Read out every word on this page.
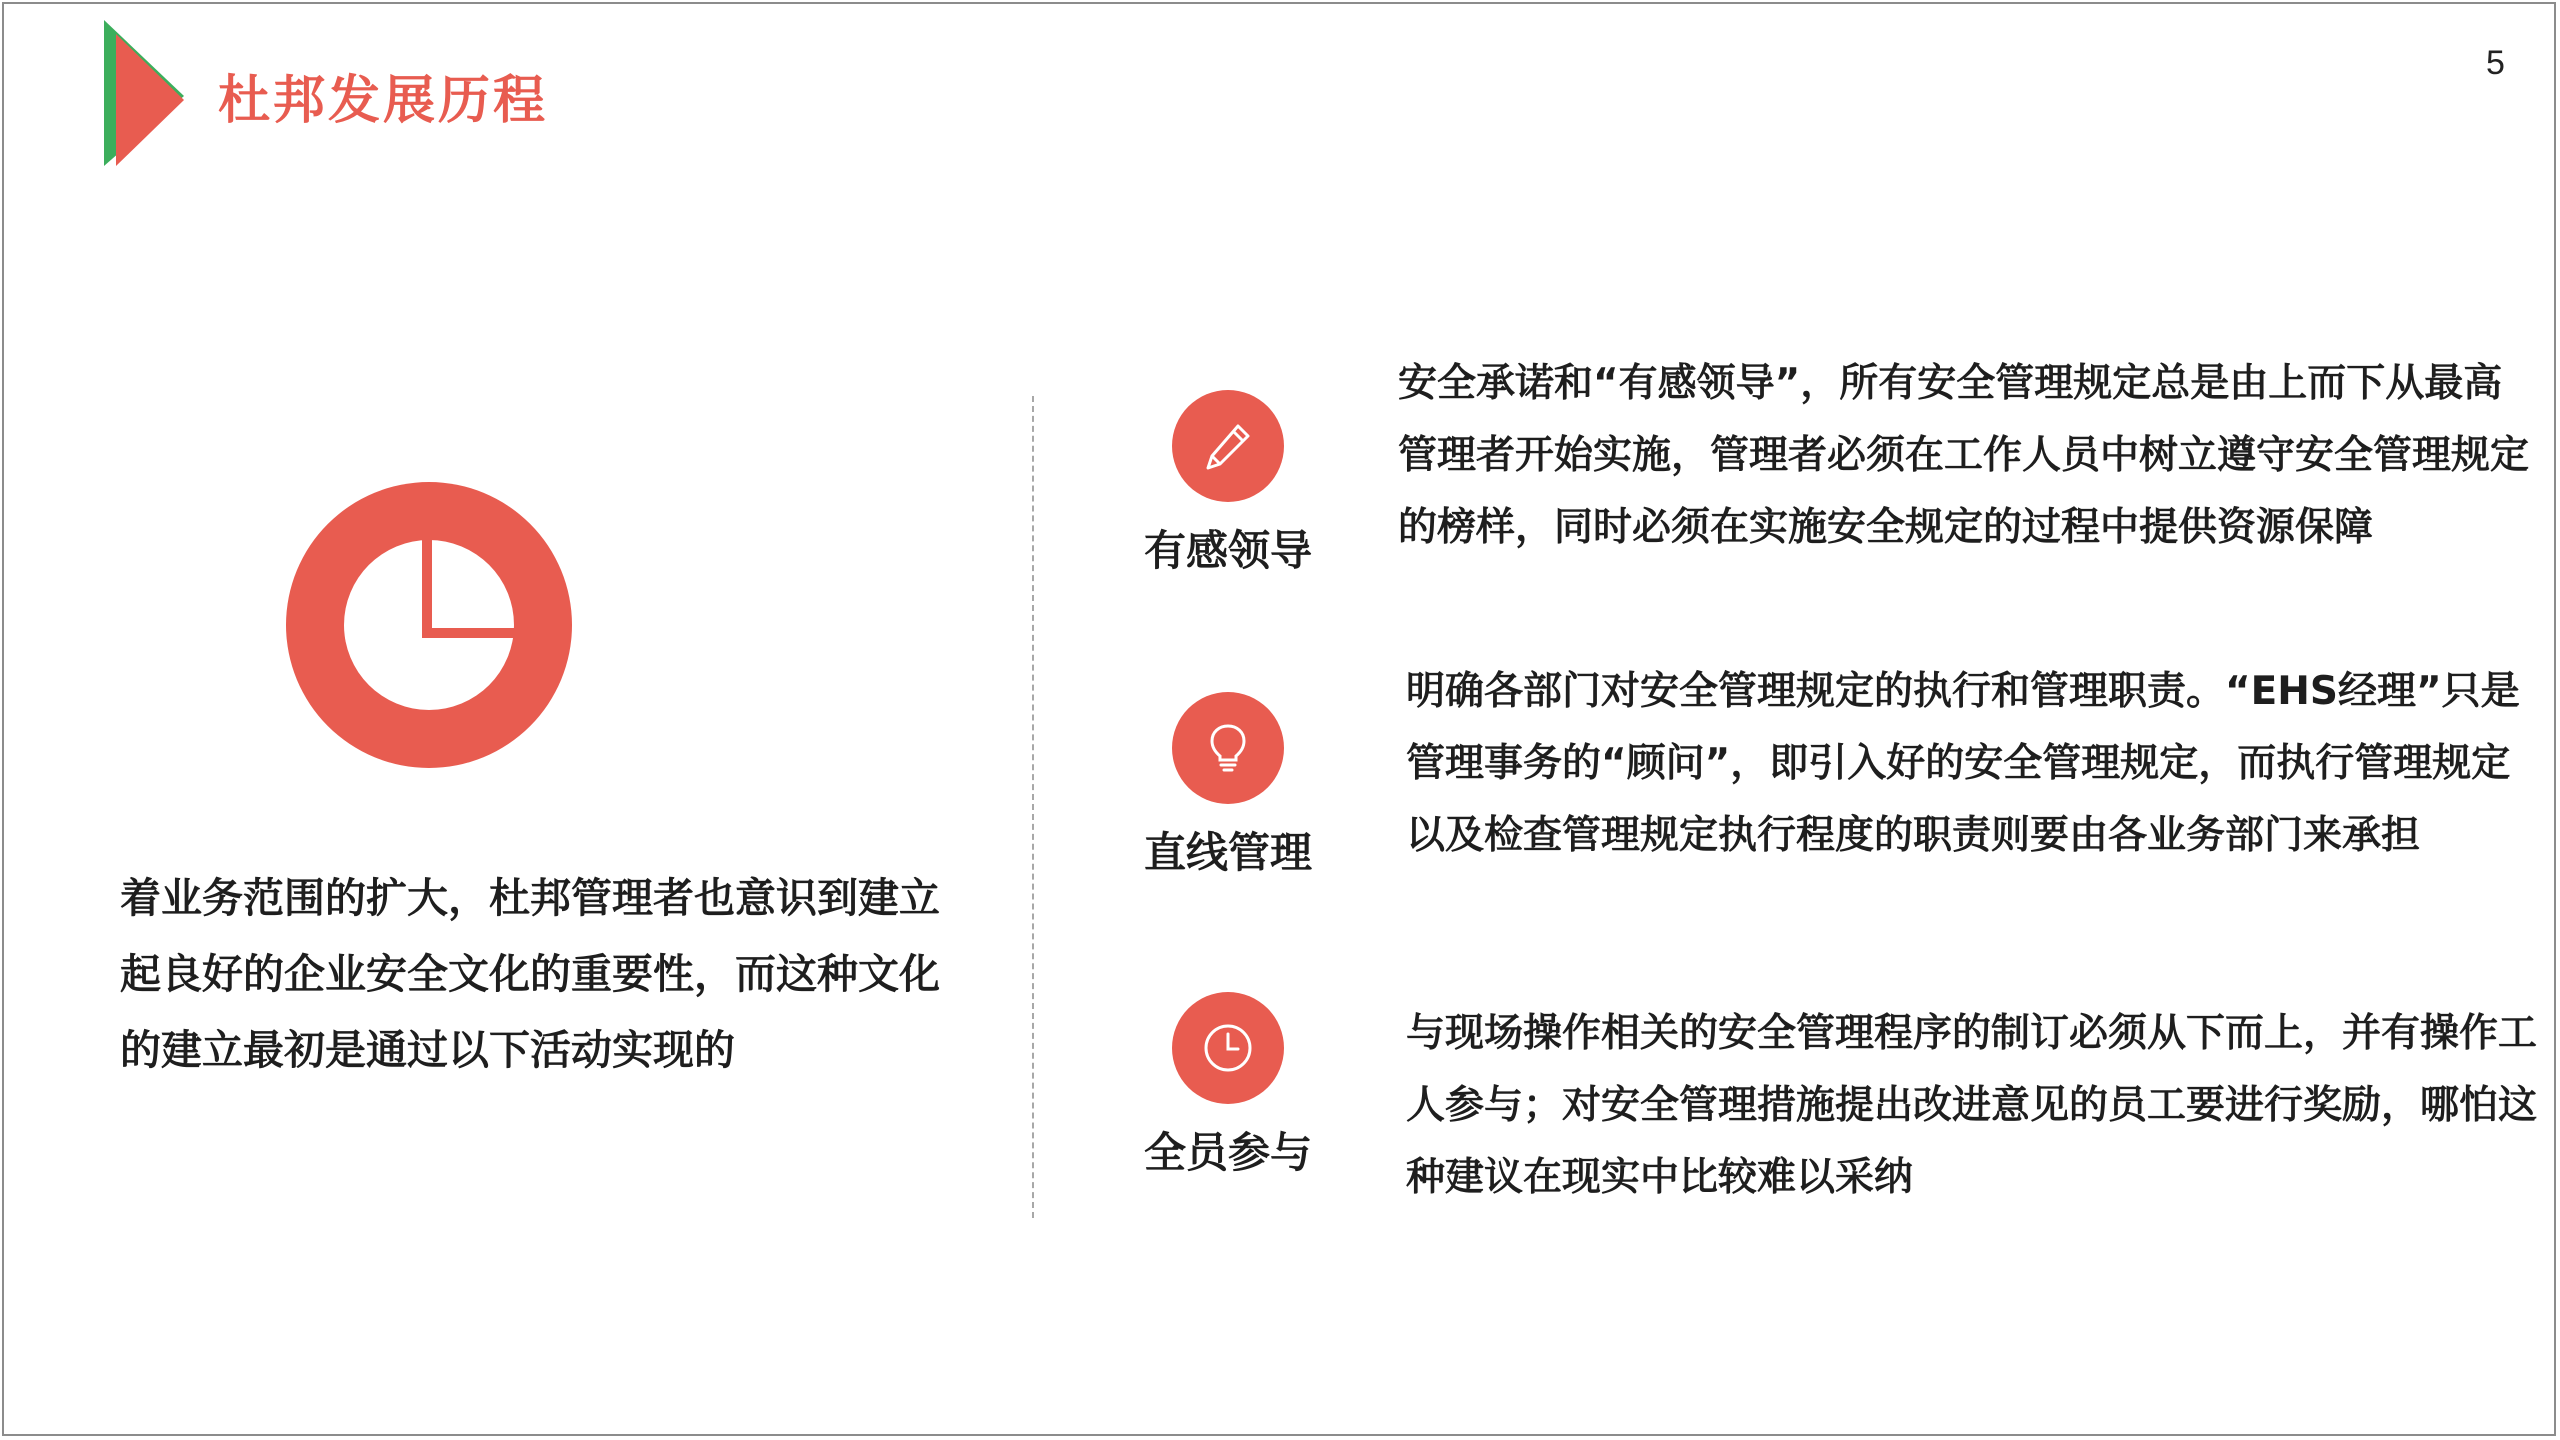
杜邦发展历程
5
着业务范围的扩大，杜邦管理者也意识到建立起良好的企业安全文化的重要性，而这种文化的建立最初是通过以下活动实现的
有感领导
安全承诺和“有感领导”，所有安全管理规定总是由上而下从最高管理者开始实施，管理者必须在工作人员中树立遵守安全管理规定的榜样，同时必须在实施安全规定的过程中提供资源保障
直线管理
明确各部门对安全管理规定的执行和管理职责。“EHS经理”只是管理事务的“顾问”，即引入好的安全管理规定，而执行管理规定以及检查管理规定执行程度的职责则要由各业务部门来承担
全员参与
与现场操作相关的安全管理程序的制订必须从下而上，并有操作工人参与；对安全管理措施提出改进意见的员工要进行奖励，哪怕这种建议在现实中比较难以采纳
